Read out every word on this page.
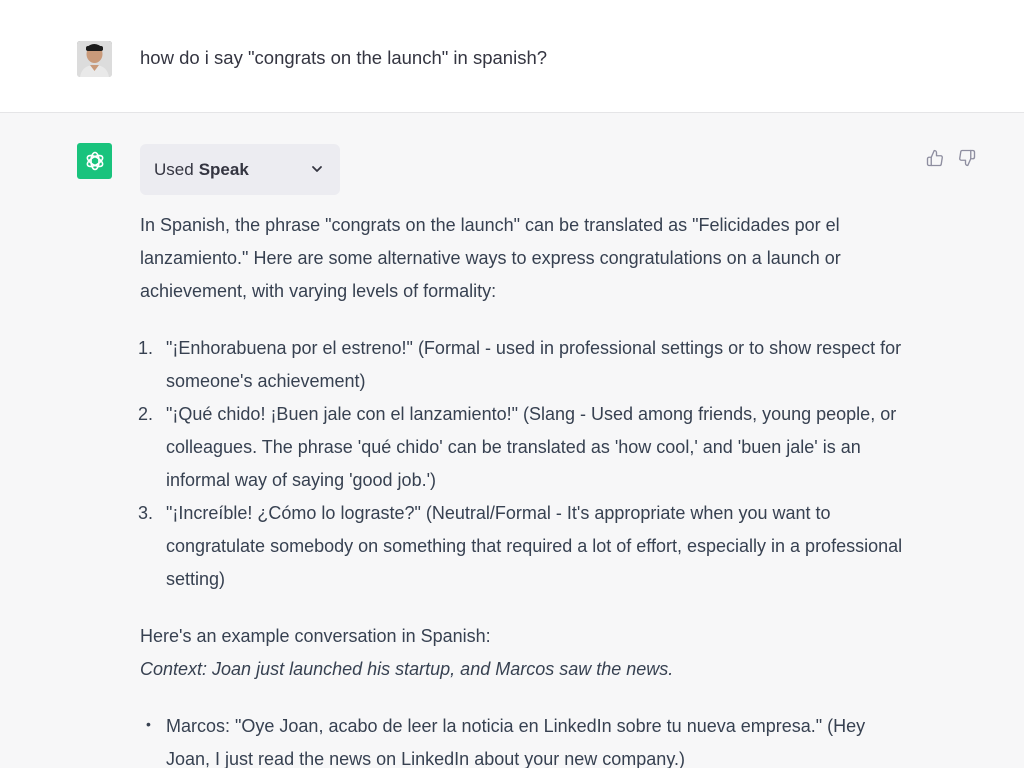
how do i say "congrats on the launch" in spanish?
Used Speak

In Spanish, the phrase "congrats on the launch" can be translated as "Felicidades por el lanzamiento." Here are some alternative ways to express congratulations on a launch or achievement, with varying levels of formality:

1. "¡Enhorabuena por el estreno!" (Formal - used in professional settings or to show respect for someone's achievement)
2. "¡Qué chido! ¡Buen jale con el lanzamiento!" (Slang - Used among friends, young people, or colleagues. The phrase 'qué chido' can be translated as 'how cool,' and 'buen jale' is an informal way of saying 'good job.')
3. "¡Increíble! ¿Cómo lo lograste?" (Neutral/Formal - It's appropriate when you want to congratulate somebody on something that required a lot of effort, especially in a professional setting)

Here's an example conversation in Spanish:

Context: Joan just launched his startup, and Marcos saw the news.

• Marcos: "Oye Joan, acabo de leer la noticia en LinkedIn sobre tu nueva empresa." (Hey Joan, I just read the news on LinkedIn about your new company.)
